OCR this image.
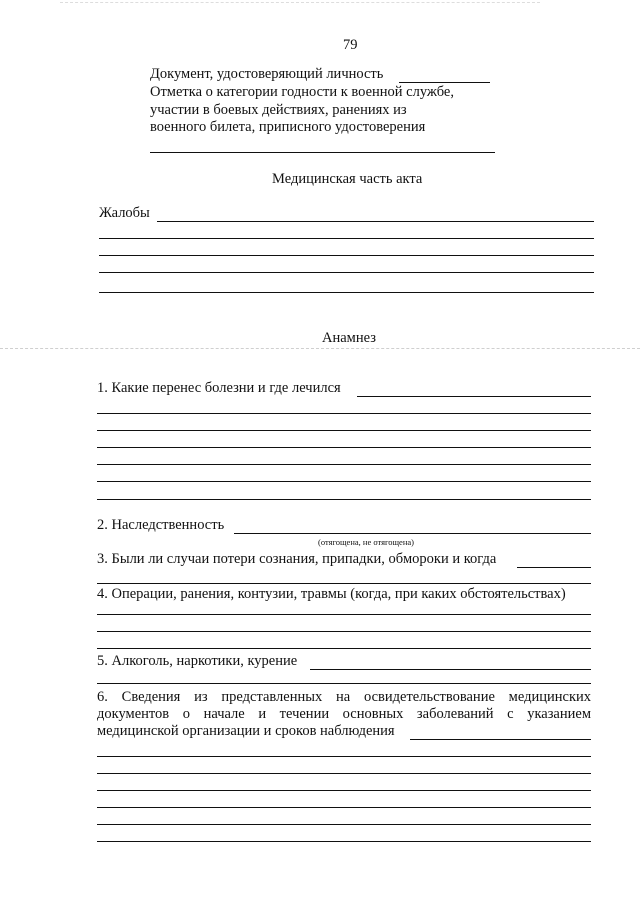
79
Документ, удостоверяющий личность
Отметка о категории годности к военной службе,
участии в боевых действиях, ранениях из
военного билета, приписного удостоверения
Медицинская часть акта
Жалобы
Анамнез
1. Какие перенес болезни и где лечился
2. Наследственность
(отягощена, не отягощена)
3. Были ли случаи потери сознания, припадки, обмороки и когда
4. Операции, ранения, контузии, травмы (когда, при каких обстоятельствах)
5. Алкоголь, наркотики, курение
6. Сведения из представленных на освидетельствование медицинских
документов о начале и течении основных заболеваний с указанием
медицинской организации и сроков наблюдения
